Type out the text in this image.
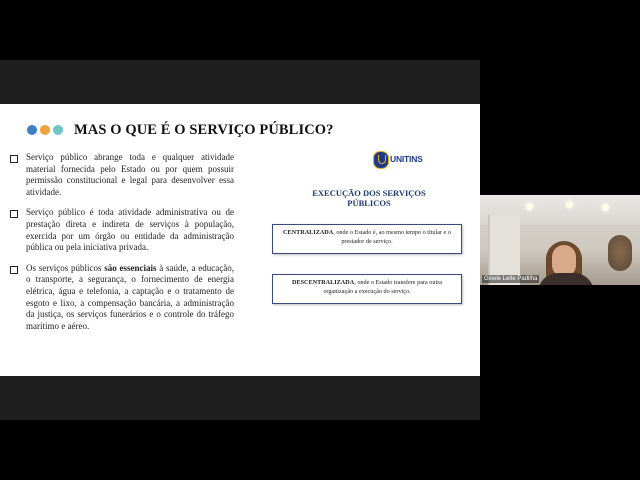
MAS O QUE É O SERVIÇO PÚBLICO?
Serviço público abrange toda e qualquer atividade material fornecida pelo Estado ou por quem possuir permissão constitucional e legal para desenvolver essa atividade.
Serviço público é toda atividade administrativa ou de prestação direta e indireta de serviços à população, exercida por um órgão ou entidade da administração pública ou pela iniciativa privada.
Os serviços públicos são essenciais à saúde, a educação, o transporte, a segurança, o fornecimento de energia elétrica, água e telefonia, a captação e o tratamento de esgoto e lixo, a compensação bancária, a administração da justiça, os serviços funerários e o controle do tráfego marítimo e aéreo.
UNITINS
EXECUÇÃO DOS SERVIÇOS PÚBLICOS
CENTRALIZADA, onde o Estado é, ao mesmo tempo o titular e o prestador de serviço.
DESCENTRALIZADA, onde o Estado transfere para outra organização a execução do serviço.
Gisele Leite Padilha
